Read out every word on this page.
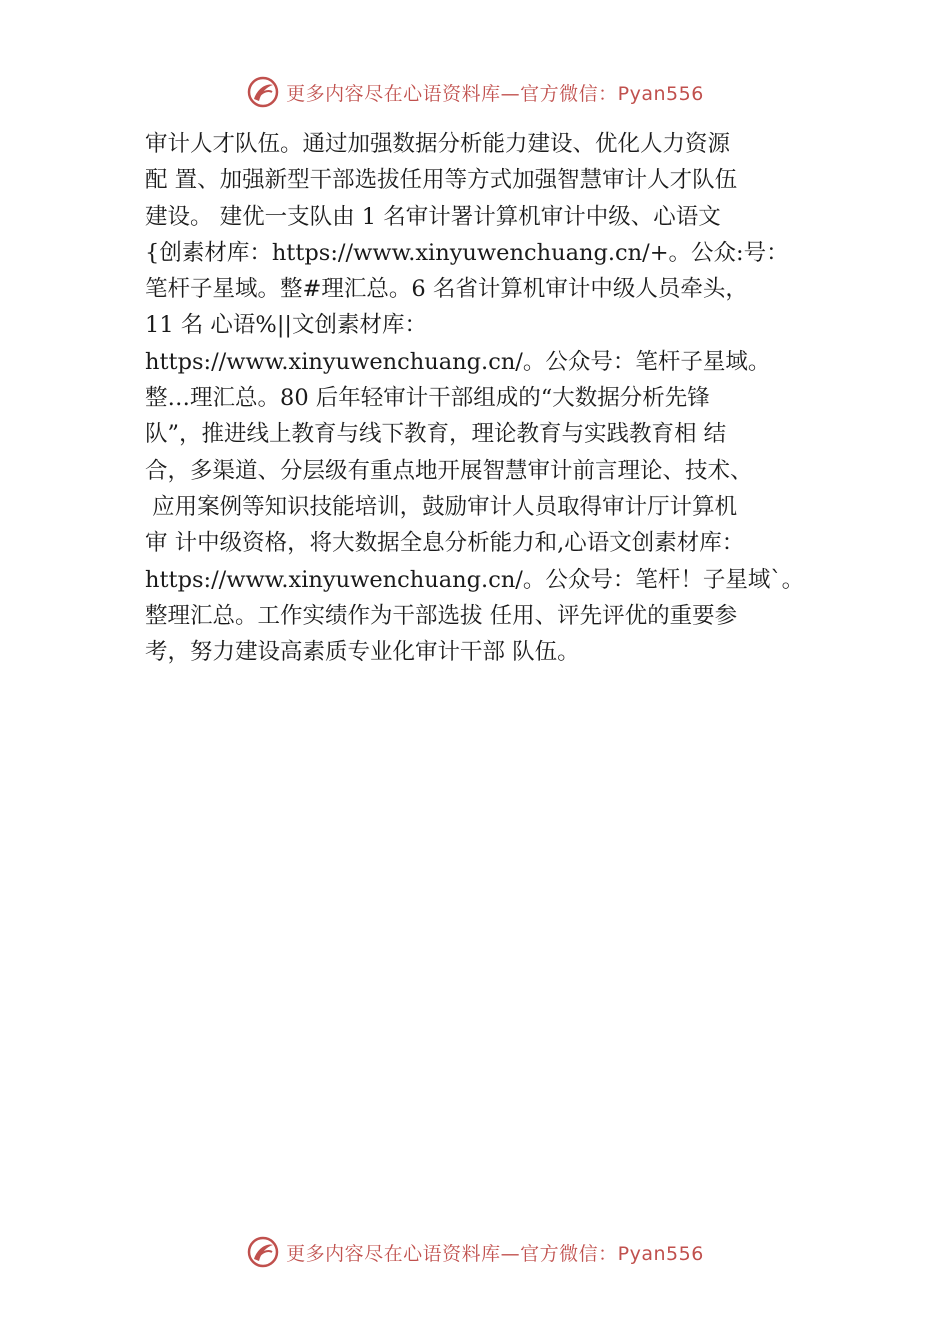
更多内容尽在心语资料库—官方微信：Pyan556
审计人才队伍。通过加强数据分析能力建设、优化人力资源
配 置、加强新型干部选拔任用等方式加强智慧审计人才队伍
建设。 建优一支队由 1 名审计署计算机审计中级、心语文
{创素材库：https://www.xinyuwenchuang.cn/+。公众:号：
笔杆子星域。整#理汇总。6 名省计算机审计中级人员牵头，
11 名 心语%||文创素材库：
https://www.xinyuwenchuang.cn/。公众号：笔杆子星域。
整…理汇总。80 后年轻审计干部组成的“大数据分析先锋
队”，推进线上教育与线下教育，理论教育与实践教育相 结
合，多渠道、分层级有重点地开展智慧审计前言理论、技术、
应用案例等知识技能培训，鼓励审计人员取得审计厅计算机
审 计中级资格，将大数据全息分析能力和,心语文创素材库：
https://www.xinyuwenchuang.cn/。公众号：笔杆！子星域`。
整理汇总。工作实绩作为干部选拔 任用、评先评优的重要参
考，努力建设高素质专业化审计干部 队伍。
更多内容尽在心语资料库—官方微信：Pyan556
